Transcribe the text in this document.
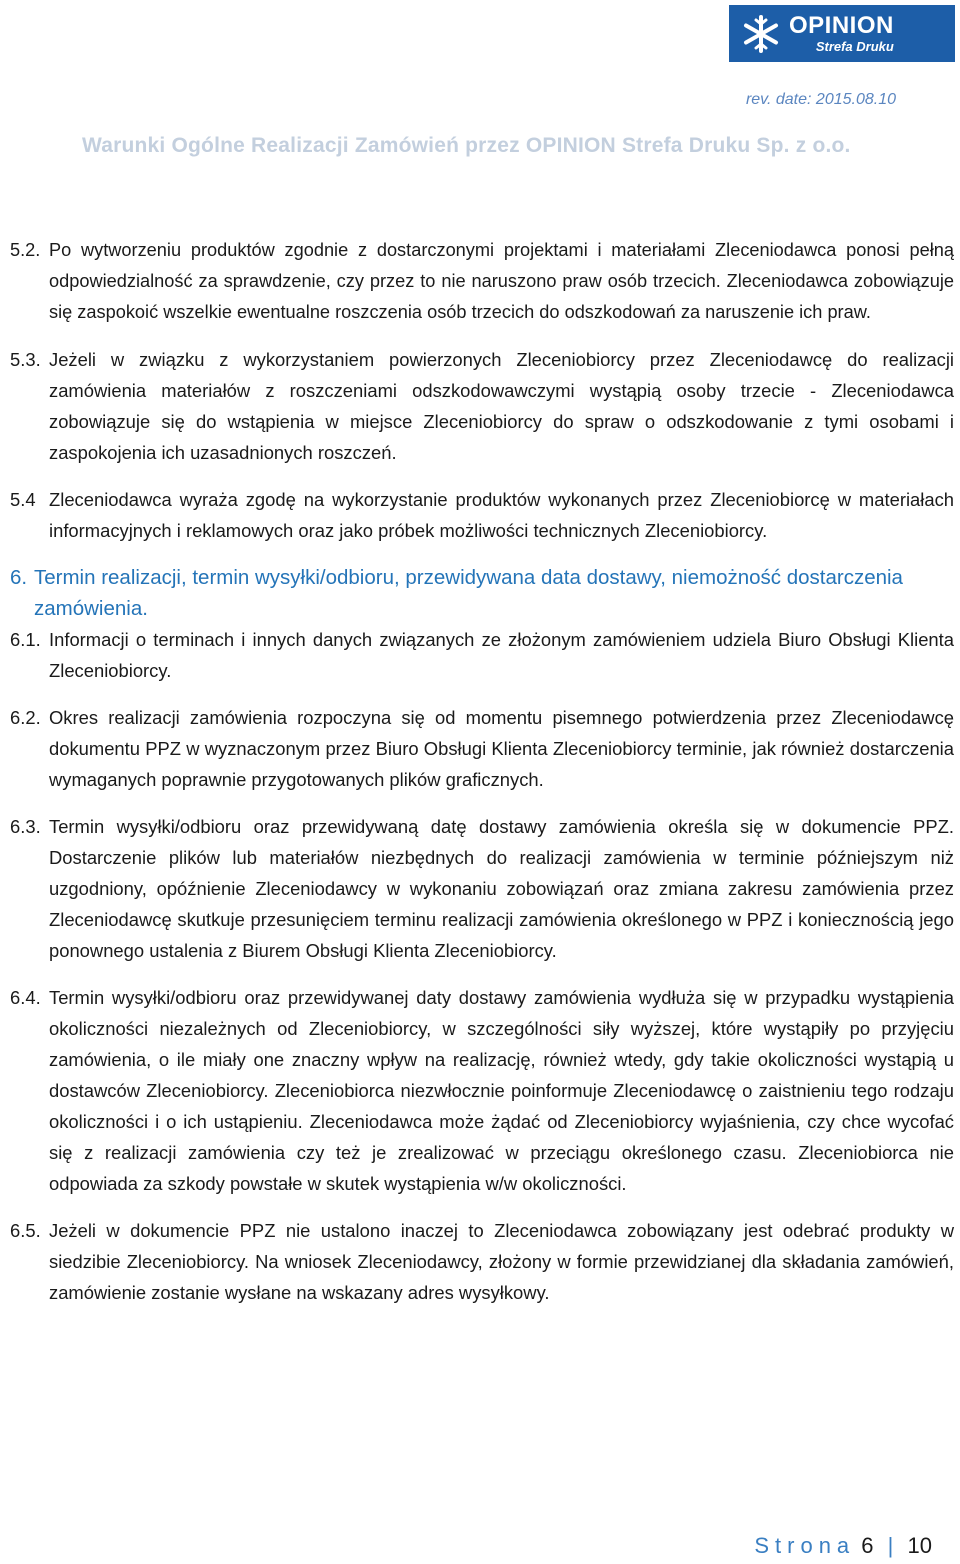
OPINION
Strefa Druku
rev. date: 2015.08.10
Warunki Ogólne Realizacji Zamówień przez OPINION Strefa Druku Sp. z o.o.
5.2. Po wytworzeniu produktów zgodnie z dostarczonymi projektami i materiałami Zleceniodawca ponosi pełną odpowiedzialność za sprawdzenie, czy przez to nie naruszono praw osób trzecich. Zleceniodawca zobowiązuje się zaspokoić wszelkie ewentualne roszczenia osób trzecich do odszkodowań za naruszenie ich praw.
5.3. Jeżeli w związku z wykorzystaniem powierzonych Zleceniobiorcy przez Zleceniodawcę do realizacji zamówienia materiałów z roszczeniami odszkodowawczymi wystąpią osoby trzecie - Zleceniodawca zobowiązuje się do wstąpienia w miejsce Zleceniobiorcy do spraw o odszkodowanie z tymi osobami i zaspokojenia ich uzasadnionych roszczeń.
5.4 Zleceniodawca wyraża zgodę na wykorzystanie produktów wykonanych przez Zleceniobiorcę w materiałach informacyjnych i reklamowych oraz jako próbek możliwości technicznych Zleceniobiorcy.
6. Termin realizacji, termin wysyłki/odbioru, przewidywana data dostawy, niemożność dostarczenia zamówienia.
6.1. Informacji o terminach i innych danych związanych ze złożonym zamówieniem udziela Biuro Obsługi Klienta Zleceniobiorcy.
6.2. Okres realizacji zamówienia rozpoczyna się od momentu pisemnego potwierdzenia przez Zleceniodawcę dokumentu PPZ w wyznaczonym przez Biuro Obsługi Klienta Zleceniobiorcy terminie, jak również dostarczenia wymaganych poprawnie przygotowanych plików graficznych.
6.3. Termin wysyłki/odbioru oraz przewidywaną datę dostawy zamówienia określa się w dokumencie PPZ. Dostarczenie plików lub materiałów niezbędnych do realizacji zamówienia w terminie późniejszym niż uzgodniony, opóźnienie Zleceniodawcy w wykonaniu zobowiązań oraz zmiana zakresu zamówienia przez Zleceniodawcę skutkuje przesunięciem terminu realizacji zamówienia określonego w PPZ i koniecznością jego ponownego ustalenia z Biurem Obsługi Klienta Zleceniobiorcy.
6.4. Termin wysyłki/odbioru oraz przewidywanej daty dostawy zamówienia wydłuża się w przypadku wystąpienia okoliczności niezależnych od Zleceniobiorcy, w szczególności siły wyższej, które wystąpiły po przyjęciu zamówienia, o ile miały one znaczny wpływ na realizację, również wtedy, gdy takie okoliczności wystąpią u dostawców Zleceniobiorcy. Zleceniobiorca niezwłocznie poinformuje Zleceniodawcę o zaistnieniu tego rodzaju okoliczności i o ich ustąpieniu. Zleceniodawca może żądać od Zleceniobiorcy wyjaśnienia, czy chce wycofać się z realizacji zamówienia czy też je zrealizować w przeciągu określonego czasu. Zleceniobiorca nie odpowiada za szkody powstałe w skutek wystąpienia w/w okoliczności.
6.5. Jeżeli w dokumencie PPZ nie ustalono inaczej to Zleceniodawca zobowiązany jest odebrać produkty w siedzibie Zleceniobiorcy. Na wniosek Zleceniodawcy, złożony w formie przewidzianej dla składania zamówień, zamówienie zostanie wysłane na wskazany adres wysyłkowy.
Strona 6 | 10
